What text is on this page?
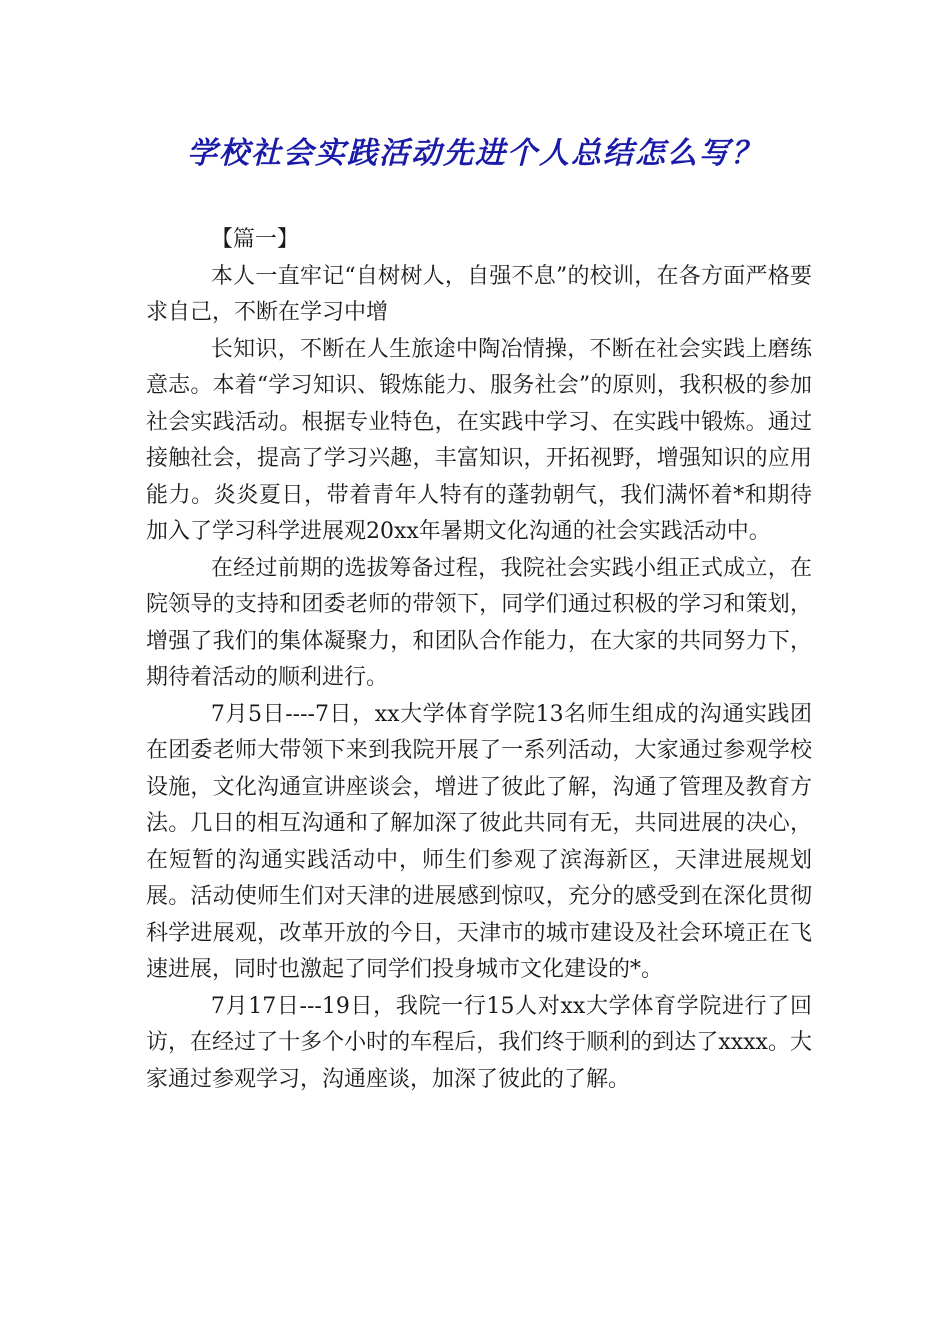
学校社会实践活动先进个人总结怎么写？

【篇一】

本人一直牢记“自树树人，自强不息”的校训，在各方面严格要求自己，不断在学习中增

长知识，不断在人生旅途中陶冶情操，不断在社会实践上磨练意志。本着“学习知识、锻炼能力、服务社会”的原则，我积极的参加社会实践活动。根据专业特色，在实践中学习、在实践中锻炼。通过接触社会，提高了学习兴趣，丰富知识，开拓视野，增强知识的应用能力。炎炎夏日，带着青年人特有的蓬勃朝气，我们满怀着*和期待加入了学习科学进展观20xx年暑期文化沟通的社会实践活动中。

在经过前期的选拔筹备过程，我院社会实践小组正式成立，在院领导的支持和团委老师的带领下，同学们通过积极的学习和策划，增强了我们的集体凝聚力，和团队合作能力，在大家的共同努力下，期待着活动的顺利进行。

7月5日----7日，xx大学体育学院13名师生组成的沟通实践团在团委老师大带领下来到我院开展了一系列活动，大家通过参观学校设施，文化沟通宣讲座谈会，增进了彼此了解，沟通了管理及教育方法。几日的相互沟通和了解加深了彼此共同有无，共同进展的决心，在短暂的沟通实践活动中，师生们参观了滨海新区，天津进展规划展。活动使师生们对天津的进展感到惊叹，充分的感受到在深化贯彻科学进展观，改革开放的今日，天津市的城市建设及社会环境正在飞速进展，同时也激起了同学们投身城市文化建设的*。

7月17日---19日，我院一行15人对xx大学体育学院进行了回访，在经过了十多个小时的车程后，我们终于顺利的到达了xxxx。大家通过参观学习，沟通座谈，加深了彼此的了解。
